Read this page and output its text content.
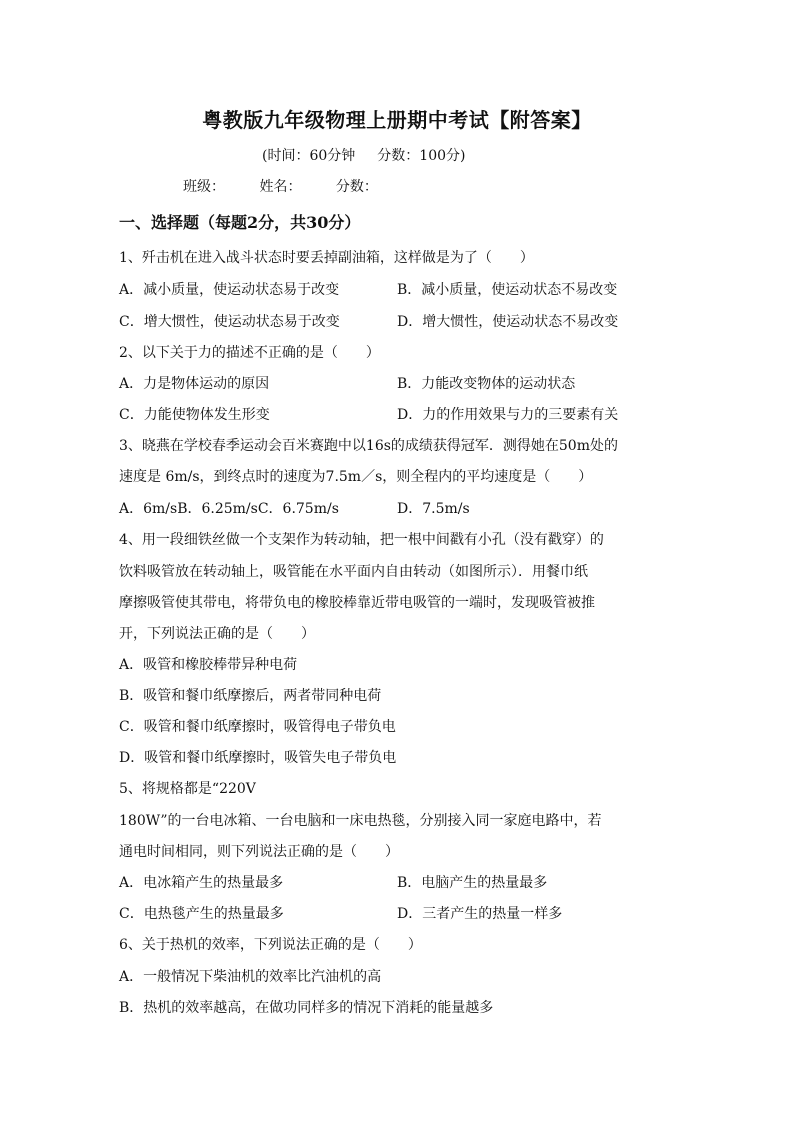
粤教版九年级物理上册期中考试【附答案】
(时间：60分钟 分数：100分)
班级： 姓名： 分数：
一、选择题（每题2分，共30分）
1、歼击机在进入战斗状态时要丢掉副油箱，这样做是为了（　　）
A．减小质量，使运动状态易于改变	B．减小质量，使运动状态不易改变
C．增大惯性，使运动状态易于改变	D．增大惯性，使运动状态不易改变
2、以下关于力的描述不正确的是（　　）
A．力是物体运动的原因	B．力能改变物体的运动状态
C．力能使物体发生形变	D．力的作用效果与力的三要素有关
3、晓燕在学校春季运动会百米赛跑中以16s的成绩获得冠军．测得她在50m处的
速度是 6m/s，到终点时的速度为7.5m／s，则全程内的平均速度是（　　）
A．6m/sB．6.25m/sC．6.75m/s	D．7.5m/s
4、用一段细铁丝做一个支架作为转动轴，把一根中间戳有小孔（没有戳穿）的
饮料吸管放在转动轴上，吸管能在水平面内自由转动（如图所示）．用餐巾纸
摩擦吸管使其带电，将带负电的橡胶棒靠近带电吸管的一端时，发现吸管被推
开，下列说法正确的是（　　）
A．吸管和橡胶棒带异种电荷
B．吸管和餐巾纸摩擦后，两者带同种电荷
C．吸管和餐巾纸摩擦时，吸管得电子带负电
D．吸管和餐巾纸摩擦时，吸管失电子带负电
5、将规格都是“220V
180W”的一台电冰箱、一台电脑和一床电热毯，分别接入同一家庭电路中，若
通电时间相同，则下列说法正确的是（　　）
A．电冰箱产生的热量最多	B．电脑产生的热量最多
C．电热毯产生的热量最多	D．三者产生的热量一样多
6、关于热机的效率，下列说法正确的是（　　）
A．一般情况下柴油机的效率比汽油机的高
B．热机的效率越高，在做功同样多的情况下消耗的能量越多
